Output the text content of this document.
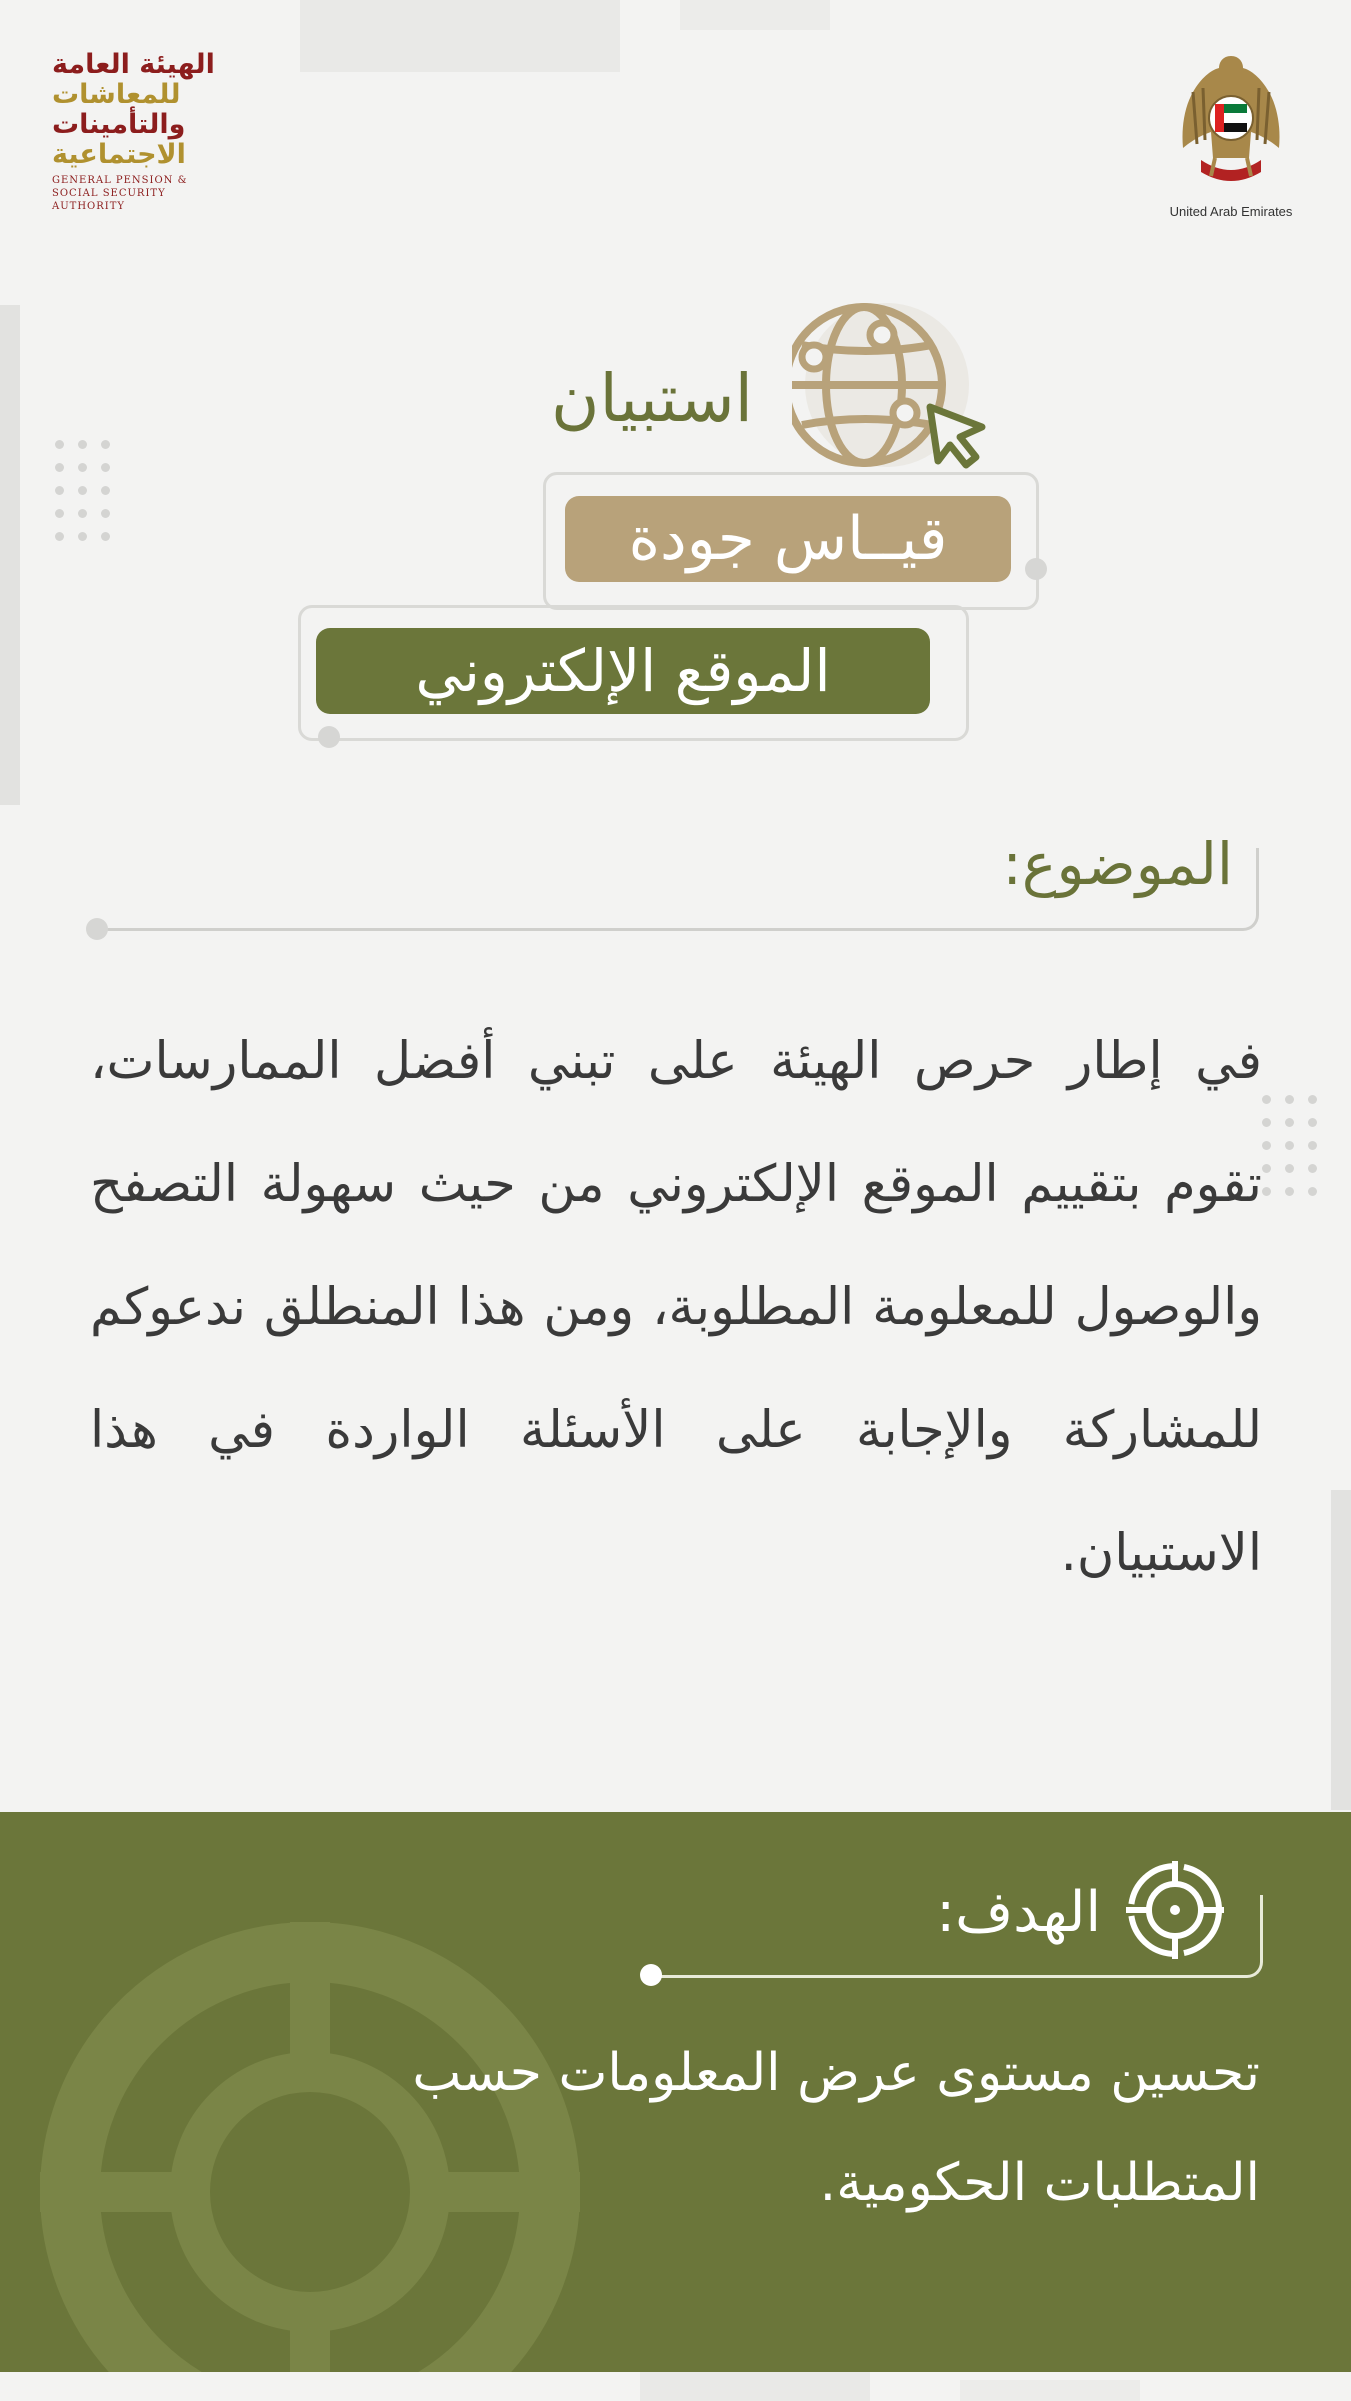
الهيئة العامة
للمعاشات
والتأمينات
الاجتماعية
GENERAL PENSION &
SOCIAL SECURITY AUTHORITY	United Arab Emirates
استبيان
قيــاس جودة
الموقع الإلكتروني
الموضوع:
في إطار حرص الهيئة على تبني أفضل الممارسات، تقوم بتقييم الموقع الإلكتروني من حيث سهولة التصفح والوصول للمعلومة المطلوبة، ومن هذا المنطلق ندعوكم للمشاركة والإجابة على الأسئلة الواردة في هذا الاستبيان.
الهدف:
تحسين مستوى عرض المعلومات حسب المتطلبات الحكومية.
